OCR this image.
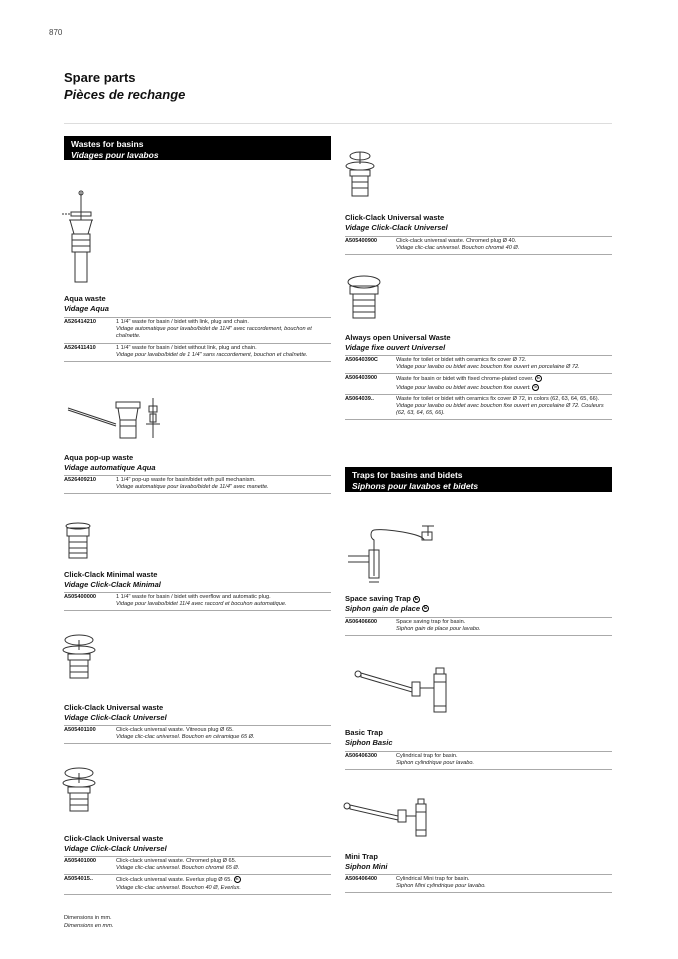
870
Spare parts
Pièces de rechange
Wastes for basins
Vidages pour lavabos
Aqua waste
Vidage Aqua
A526414210	1 1/4" waste for basin / bidet with link, plug and chain.
Vidage automatique pour lavabo/bidet de 11/4" avec raccordement, bouchon et chaînette.
A526411410	1 1/4" waste for basin / bidet without link, plug and chain.
Vidage pour lavabo/bidet de 1 1/4" sans raccordement, bouchon et chaînette.
Aqua pop-up waste
Vidage automatique Aqua
A526409210	1 1/4" pop-up waste for basin/bidet with pull mechanism.
Vidage automatique pour lavabo/bidet de 11/4" avec manette.
Click-Clack Minimal waste
Vidage Click-Clack Minimal
A505400000	1 1/4" waste for basin / bidet with overflow and automatic plug.
Vidage pour lavabo/bidet 11/4 avec raccord et bocuhon automatique.
Click-Clack Universal waste
Vidage Click-Clack Universel
A505401100	Click-clack universal waste. Vitreous plug Ø 65.
Vidage clic-clac universel. Bouchon en céramique 65 Ø.
Click-Clack Universal waste
Vidage Click-Clack Universel
A505401000	Click-clack universal waste. Chromed plug Ø 65.
Vidage clic-clac universel. Bouchon chromé 65 Ø.
A5054015..	Click-clack universal waste. Everlux plug Ø 65. E
Vidage clic-clac universel. Bouchon 40 Ø, Everlux.
Dimensions in mm.
Dimensions en mm.
Click-Clack Universal waste
Vidage Click-Clack Universel
A505400900	Click-clack universal waste. Chromed plug Ø 40.
Vidage clic-clac universel. Bouchon chromé 40 Ø.
Always open Universal Waste
Vidage fixe ouvert Universel
A50640390C	Waste for toilet or bidet with ceramics fix cover Ø 72.
Vidage pour lavabo ou bidet avec bouchon fixe ouvert en porcelaine Ø 72.
A506403900	Waste for basin or bidet with fixed chrome-plated cover. E
Vidage pour lavabo ou bidet avec bouchon fixe ouvert. E
A5064039..	Waste for toilet or bidet with ceramics fix cover Ø 72, in colors (62, 63, 64, 65, 66).
Vidage pour lavabo ou bidet avec bouchon fixe ouvert en porcelaine Ø 72. Couleurs (62, 63, 64, 65, 66).
Traps for basins and bidets
Siphons pour lavabos et bidets
Space saving Trap E
Siphon gain de place E
A506406600	Space saving trap for basin.
Siphon gain de place pour lavabo.
Basic Trap
Siphon Basic
A506406300	Cylindrical trap for basin.
Siphon cylindrique pour lavabo.
Mini Trap
Siphon Mini
A506406400	Cylindrical Mini trap for basin.
Siphon Mini cylindrique pour lavabo.
